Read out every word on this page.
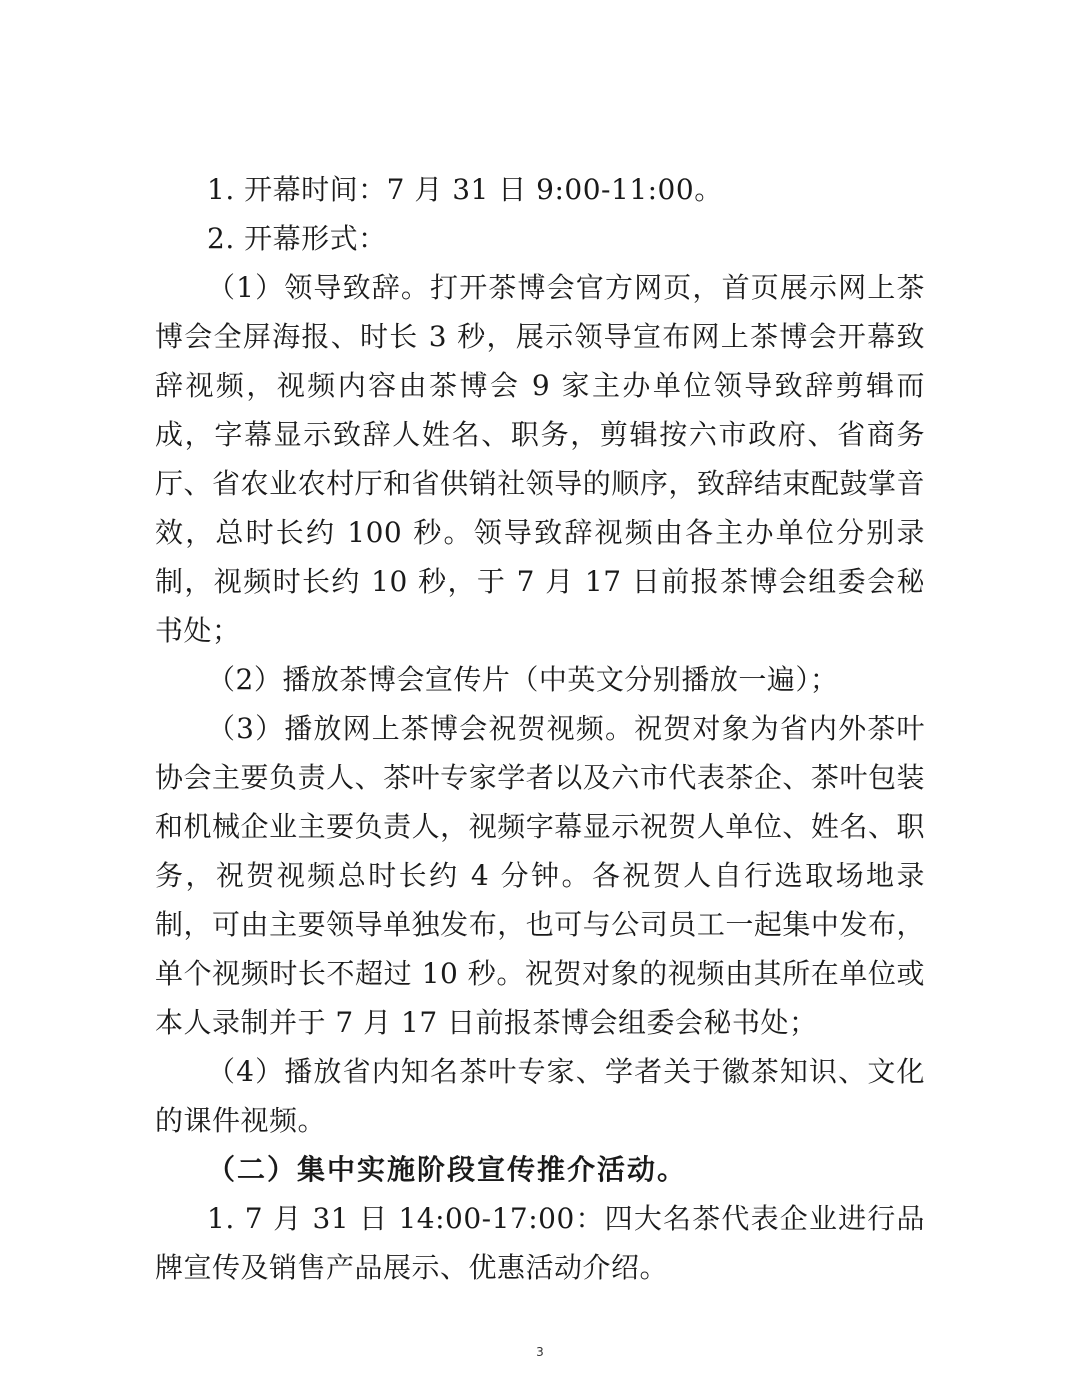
1. 开幕时间：7 月 31 日 9:00-11:00。

2. 开幕形式：

（1）领导致辞。打开茶博会官方网页，首页展示网上茶博会全屏海报、时长 3 秒，展示领导宣布网上茶博会开幕致辞视频，视频内容由茶博会 9 家主办单位领导致辞剪辑而成，字幕显示致辞人姓名、职务，剪辑按六市政府、省商务厅、省农业农村厅和省供销社领导的顺序，致辞结束配鼓掌音效，总时长约 100 秒。领导致辞视频由各主办单位分别录制，视频时长约 10 秒，于 7 月 17 日前报茶博会组委会秘书处；

（2）播放茶博会宣传片（中英文分别播放一遍）；

（3）播放网上茶博会祝贺视频。祝贺对象为省内外茶叶协会主要负责人、茶叶专家学者以及六市代表茶企、茶叶包装和机械企业主要负责人，视频字幕显示祝贺人单位、姓名、职务，祝贺视频总时长约 4 分钟。各祝贺人自行选取场地录制，可由主要领导单独发布，也可与公司员工一起集中发布，单个视频时长不超过 10 秒。祝贺对象的视频由其所在单位或本人录制并于 7 月 17 日前报茶博会组委会秘书处；

（4）播放省内知名茶叶专家、学者关于徽茶知识、文化的课件视频。

（二）集中实施阶段宣传推介活动。

1. 7 月 31 日 14:00-17:00：四大名茶代表企业进行品牌宣传及销售产品展示、优惠活动介绍。

3
